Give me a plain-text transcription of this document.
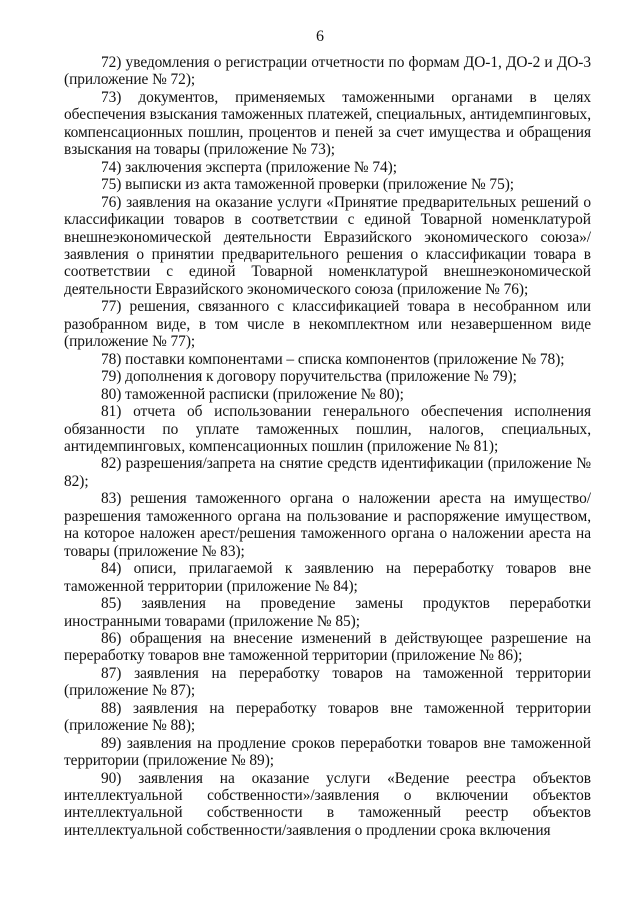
6

72) уведомления о регистрации отчетности по формам ДО-1, ДО-2 и ДО-3 (приложение № 72);

73) документов, применяемых таможенными органами в целях обеспечения взыскания таможенных платежей, специальных, антидемпинговых, компенсационных пошлин, процентов и пеней за счет имущества и обращения взыскания на товары (приложение № 73);

74) заключения эксперта (приложение № 74);

75) выписки из акта таможенной проверки (приложение № 75);

76) заявления на оказание услуги «Принятие предварительных решений о классификации товаров в соответствии с единой Товарной номенклатурой внешнеэкономической деятельности Евразийского экономического союза»/заявления о принятии предварительного решения о классификации товара в соответствии с единой Товарной номенклатурой внешнеэкономической деятельности Евразийского экономического союза (приложение № 76);

77) решения, связанного с классификацией товара в несобранном или разобранном виде, в том числе в некомплектном или незавершенном виде (приложение № 77);

78) поставки компонентами – списка компонентов (приложение № 78);

79) дополнения к договору поручительства (приложение № 79);

80) таможенной расписки (приложение № 80);

81) отчета об использовании генерального обеспечения исполнения обязанности по уплате таможенных пошлин, налогов, специальных, антидемпинговых, компенсационных пошлин (приложение № 81);

82) разрешения/запрета на снятие средств идентификации (приложение № 82);

83) решения таможенного органа о наложении ареста на имущество/разрешения таможенного органа на пользование и распоряжение имуществом, на которое наложен арест/решения таможенного органа о наложении ареста на товары (приложение № 83);

84) описи, прилагаемой к заявлению на переработку товаров вне таможенной территории (приложение № 84);

85) заявления на проведение замены продуктов переработки иностранными товарами (приложение № 85);

86) обращения на внесение изменений в действующее разрешение на переработку товаров вне таможенной территории (приложение № 86);

87) заявления на переработку товаров на таможенной территории (приложение № 87);

88) заявления на переработку товаров вне таможенной территории (приложение № 88);

89) заявления на продление сроков переработки товаров вне таможенной территории (приложение № 89);

90) заявления на оказание услуги «Ведение реестра объектов интеллектуальной собственности»/заявления о включении объектов интеллектуальной собственности в таможенный реестр объектов интеллектуальной собственности/заявления о продлении срока включения
